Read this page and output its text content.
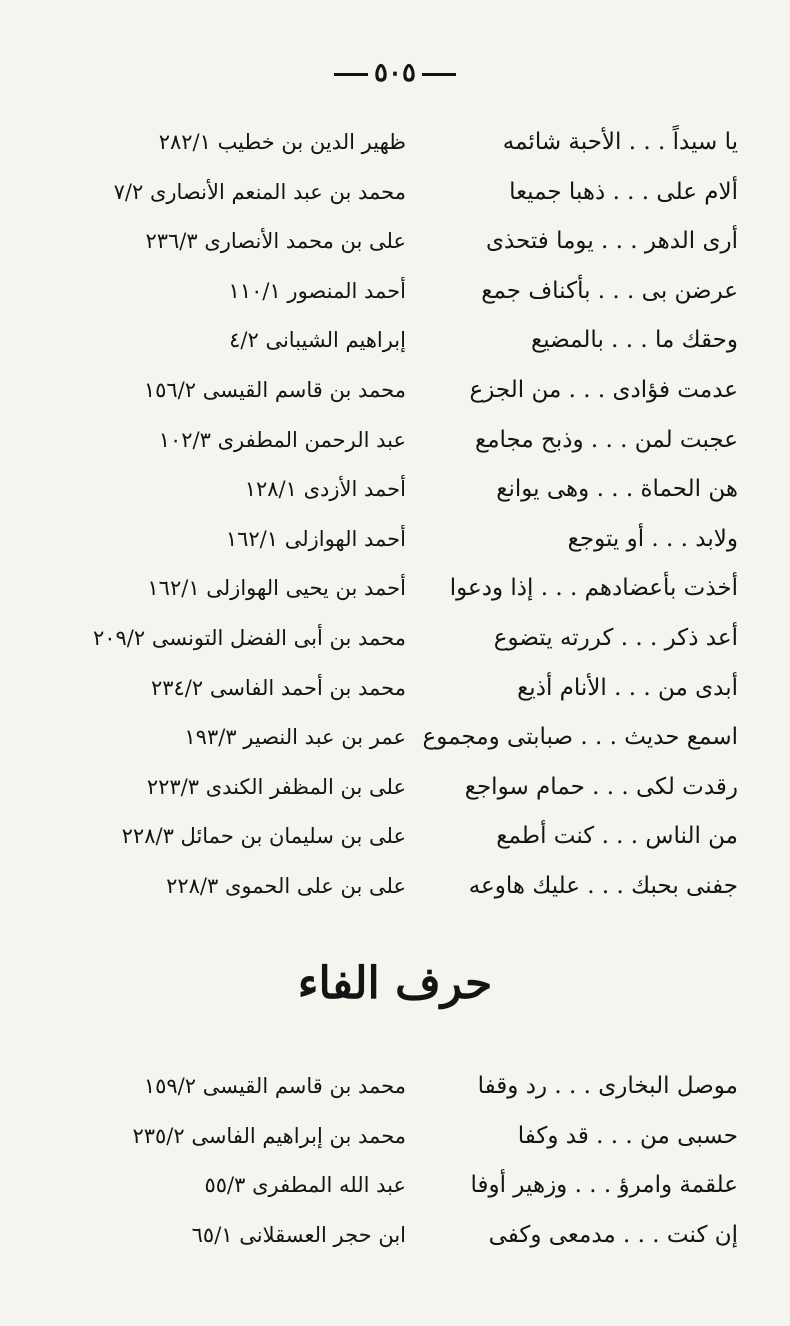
٥٠٥
يا سيداً . . . الأحبة شائمه
ظهير الدين بن خطيب ٢٨٢/١
ألام على . . . ذهبا جميعا
محمد بن عبد المنعم الأنصارى ٧/٢
أرى الدهر . . . يوما فتحذى
على بن محمد الأنصارى ٢٣٦/٣
عرضن بى . . . بأكناف جمع
أحمد المنصور ١١٠/١
وحقك ما . . . بالمضيع
إبراهيم الشيبانى ٤/٢
عدمت فؤادى . . . من الجزع
محمد بن قاسم القيسى ١٥٦/٢
عجبت لمن . . . وذبح مجامع
عبد الرحمن المطفرى ١٠٢/٣
هن الحماة . . . وهى يوانع
أحمد الأزدى ١٢٨/١
ولابد . . . أو يتوجع
أحمد الهوازلى ١٦٢/١
أخذت بأعضادهم . . . إذا ودعوا
أحمد بن يحيى الهوازلى ١٦٢/١
أعد ذكر . . . كررته يتضوع
محمد بن أبى الفضل التونسى ٢٠٩/٢
أبدى من . . . الأنام أذيع
محمد بن أحمد الفاسى ٢٣٤/٢
اسمع حديث . . . صبابتى ومجموع
عمر بن عبد النصير ١٩٣/٣
رقدت لكى . . . حمام سواجع
على بن المظفر الكندى ٢٢٣/٣
من الناس . . . كنت أطمع
على بن سليمان بن حمائل ٢٢٨/٣
جفنى بحبك . . . عليك هاوعه
على بن على الحموى ٢٢٨/٣
حرف الفاء
موصل البخارى . . . رد وقفا
محمد بن قاسم القيسى ١٥٩/٢
حسبى من . . . قد وكفا
محمد بن إبراهيم الفاسى ٢٣٥/٢
علقمة وامرؤ . . . وزهير أوفا
عبد الله المطفرى ٥٥/٣
إن كنت . . . مدمعى وكفى
ابن حجر العسقلانى ٦٥/١
